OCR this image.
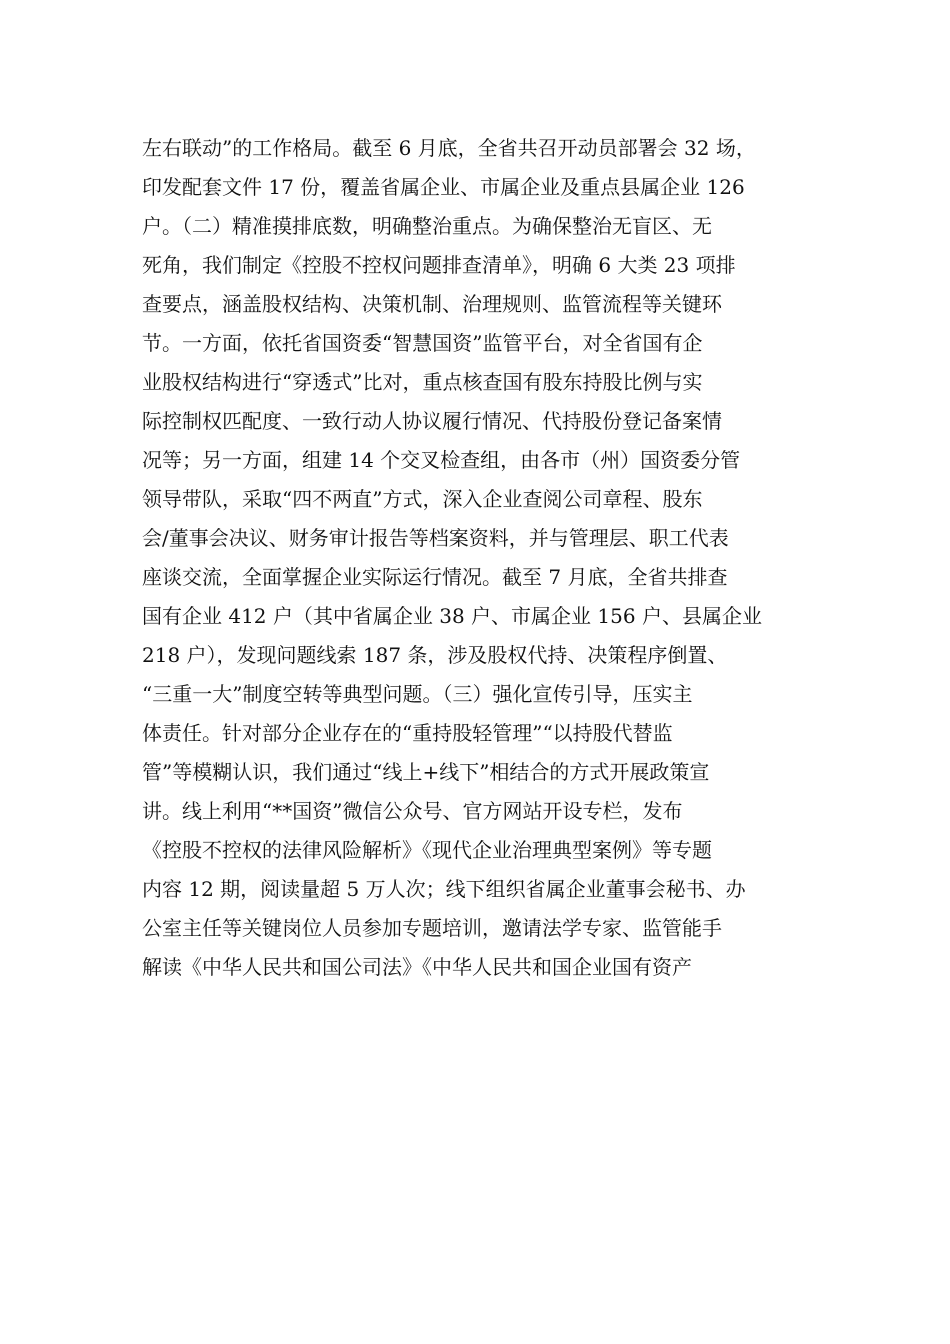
左右联动”的工作格局。截至 6 月底，全省共召开动员部署会 32 场，
印发配套文件 17 份，覆盖省属企业、市属企业及重点县属企业 126
户。（二）精准摸排底数，明确整治重点。为确保整治无盲区、无
死角，我们制定《控股不控权问题排查清单》，明确 6 大类 23 项排
查要点，涵盖股权结构、决策机制、治理规则、监管流程等关键环
节。一方面，依托省国资委“智慧国资”监管平台，对全省国有企
业股权结构进行“穿透式”比对，重点核查国有股东持股比例与实
际控制权匹配度、一致行动人协议履行情况、代持股份登记备案情
况等；另一方面，组建 14 个交叉检查组，由各市（州）国资委分管
领导带队，采取“四不两直”方式，深入企业查阅公司章程、股东
会/董事会决议、财务审计报告等档案资料，并与管理层、职工代表
座谈交流，全面掌握企业实际运行情况。截至 7 月底，全省共排查
国有企业 412 户（其中省属企业 38 户、市属企业 156 户、县属企业
218 户），发现问题线索 187 条，涉及股权代持、决策程序倒置、
“三重一大”制度空转等典型问题。（三）强化宣传引导，压实主
体责任。针对部分企业存在的“重持股轻管理”“以持股代替监
管”等模糊认识，我们通过“线上+线下”相结合的方式开展政策宣
讲。线上利用“**国资”微信公众号、官方网站开设专栏，发布
《控股不控权的法律风险解析》《现代企业治理典型案例》等专题
内容 12 期，阅读量超 5 万人次；线下组织省属企业董事会秘书、办
公室主任等关键岗位人员参加专题培训，邀请法学专家、监管能手
解读《中华人民共和国公司法》《中华人民共和国企业国有资产
